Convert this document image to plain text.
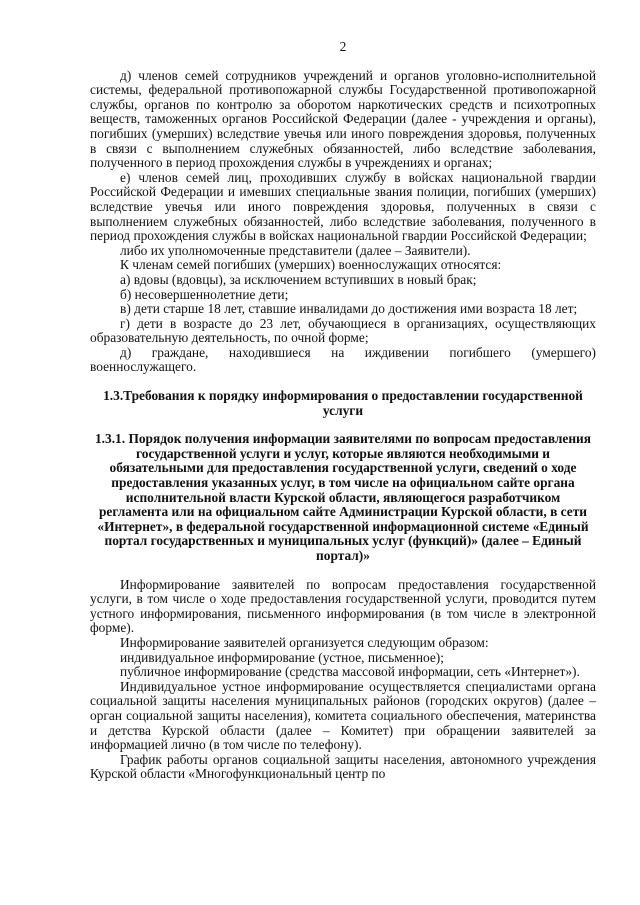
2

д) членов семей сотрудников учреждений и органов уголовно-исполнительной системы, федеральной противопожарной службы Государственной противопожарной службы, органов по контролю за оборотом наркотических средств и психотропных веществ, таможенных органов Российской Федерации (далее - учреждения и органы), погибших (умерших) вследствие увечья или иного повреждения здоровья, полученных в связи с выполнением служебных обязанностей, либо вследствие заболевания, полученного в период прохождения службы в учреждениях и органах;

е) членов семей лиц, проходивших службу в войсках национальной гвардии Российской Федерации и имевших специальные звания полиции, погибших (умерших) вследствие увечья или иного повреждения здоровья, полученных в связи с выполнением служебных обязанностей, либо вследствие заболевания, полученного в период прохождения службы в войсках национальной гвардии Российской Федерации;

либо их уполномоченные представители (далее – Заявители).

К членам семей погибших (умерших) военнослужащих относятся:

а) вдовы (вдовцы), за исключением вступивших в новый брак;

б) несовершеннолетние дети;

в) дети старше 18 лет, ставшие инвалидами до достижения ими возраста 18 лет;

г) дети в возрасте до 23 лет, обучающиеся в организациях, осуществляющих образовательную деятельность, по очной форме;

д) граждане, находившиеся на иждивении погибшего (умершего) военнослужащего.

1.3.Требования к порядку информирования о предоставлении государственной услуги

1.3.1. Порядок получения информации заявителями по вопросам предоставления государственной услуги и услуг, которые являются необходимыми и обязательными для предоставления государственной услуги, сведений о ходе предоставления указанных услуг, в том числе на официальном сайте органа исполнительной власти Курской области, являющегося разработчиком регламента или на официальном сайте Администрации Курской области, в сети «Интернет», в федеральной государственной информационной системе «Единый портал государственных и муниципальных услуг (функций)» (далее – Единый портал)»

Информирование заявителей по вопросам предоставления государственной услуги, в том числе о ходе предоставления государственной услуги, проводится путем устного информирования, письменного информирования (в том числе в электронной форме).

Информирование заявителей организуется следующим образом:

индивидуальное информирование (устное, письменное);

публичное информирование (средства массовой информации, сеть «Интернет»).

Индивидуальное устное информирование осуществляется специалистами органа социальной защиты населения муниципальных районов (городских округов) (далее – орган социальной защиты населения), комитета социального обеспечения, материнства и детства Курской области (далее – Комитет) при обращении заявителей за информацией лично (в том числе по телефону).

График работы органов социальной защиты населения, автономного учреждения Курской области «Многофункциональный центр по
